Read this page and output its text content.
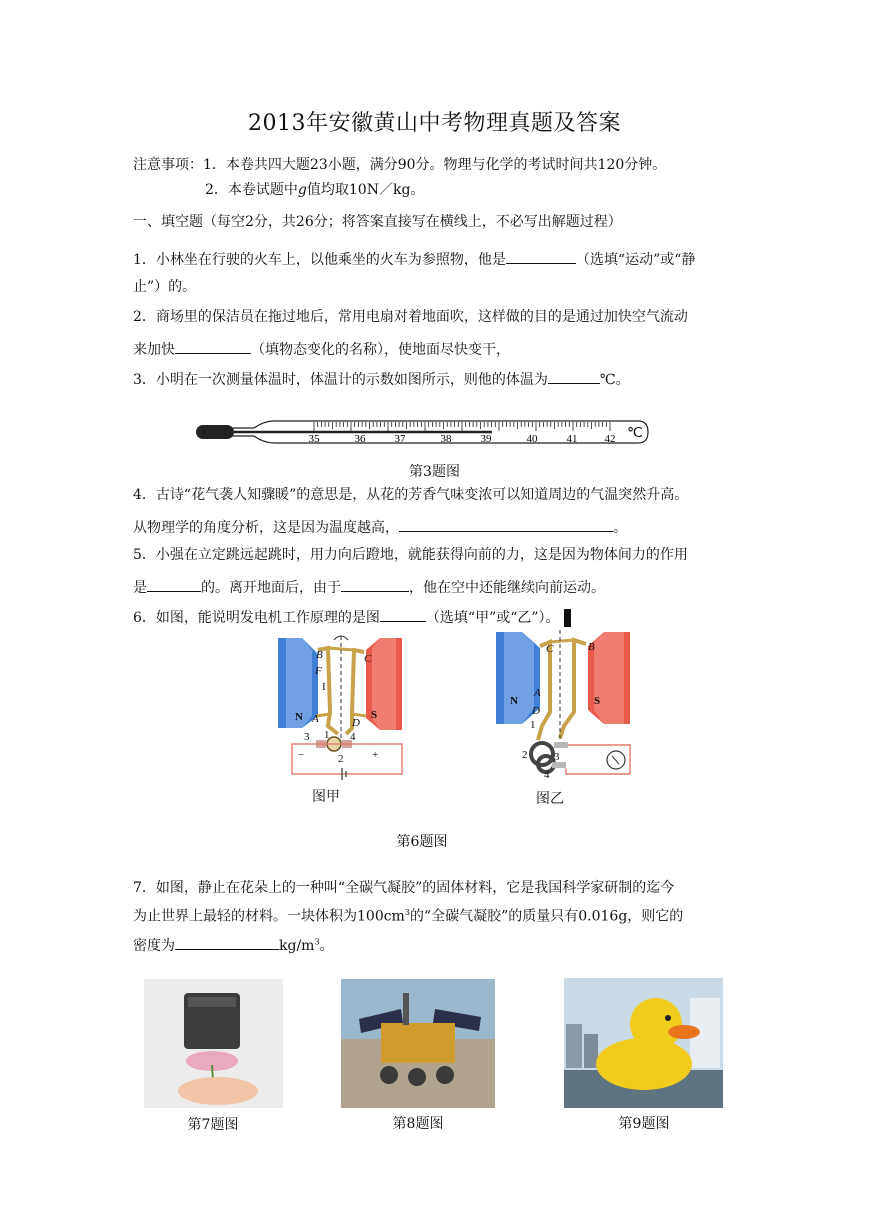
2013年安徽黄山中考物理真题及答案
注意事项：1．本卷共四大题23小题，满分90分。物理与化学的考试时间共120分钟。
2．本卷试题中g值均取10N／kg。
一、填空题（每空2分，共26分；将答案直接写在横线上，不必写出解题过程）
1．小林坐在行驶的火车上，以他乘坐的火车为参照物，他是	（选填“运动”或“静
止”）的。
2．商场里的保洁员在拖过地后，常用电扇对着地面吹，这样做的目的是通过加快空气流动
来加快	（填物态变化的名称），使地面尽快变干，
3．小明在一次测量体温时，体温计的示数如图所示，则他的体温为	℃。
35	36	37	38	39	40	41 42 ℃
第3题图
4．古诗“花气袭人知骤暖”的意思是，从花的芳香气味变浓可以知道周边的气温突然升高。
从物理学的角度分析，这是因为温度越高，	。
5．小强在立定跳远起跳时，用力向后蹬地，就能获得向前的力，这是因为物体间力的作用
是	的。离开地面后，由于	，他在空中还能继续向前运动。
6．如图，能说明发电机工作原理的是图	（选填“甲”或“乙”）。
N	S
A
B	C
D
F
I
1
2
3	4
−	+
图甲
N	S
A
B
C
D
1
2 3
4
图乙
第6题图
7．如图，静止在花朵上的一种叫“全碳气凝胶”的固体材料，它是我国科学家研制的迄今
为止世界上最轻的材料。一块体积为$100cm^3$的“全碳气凝胶”的质量只有0.016g，则它的
密度为	$kg/m^3$。
第7题图	第8题图	第9题图
